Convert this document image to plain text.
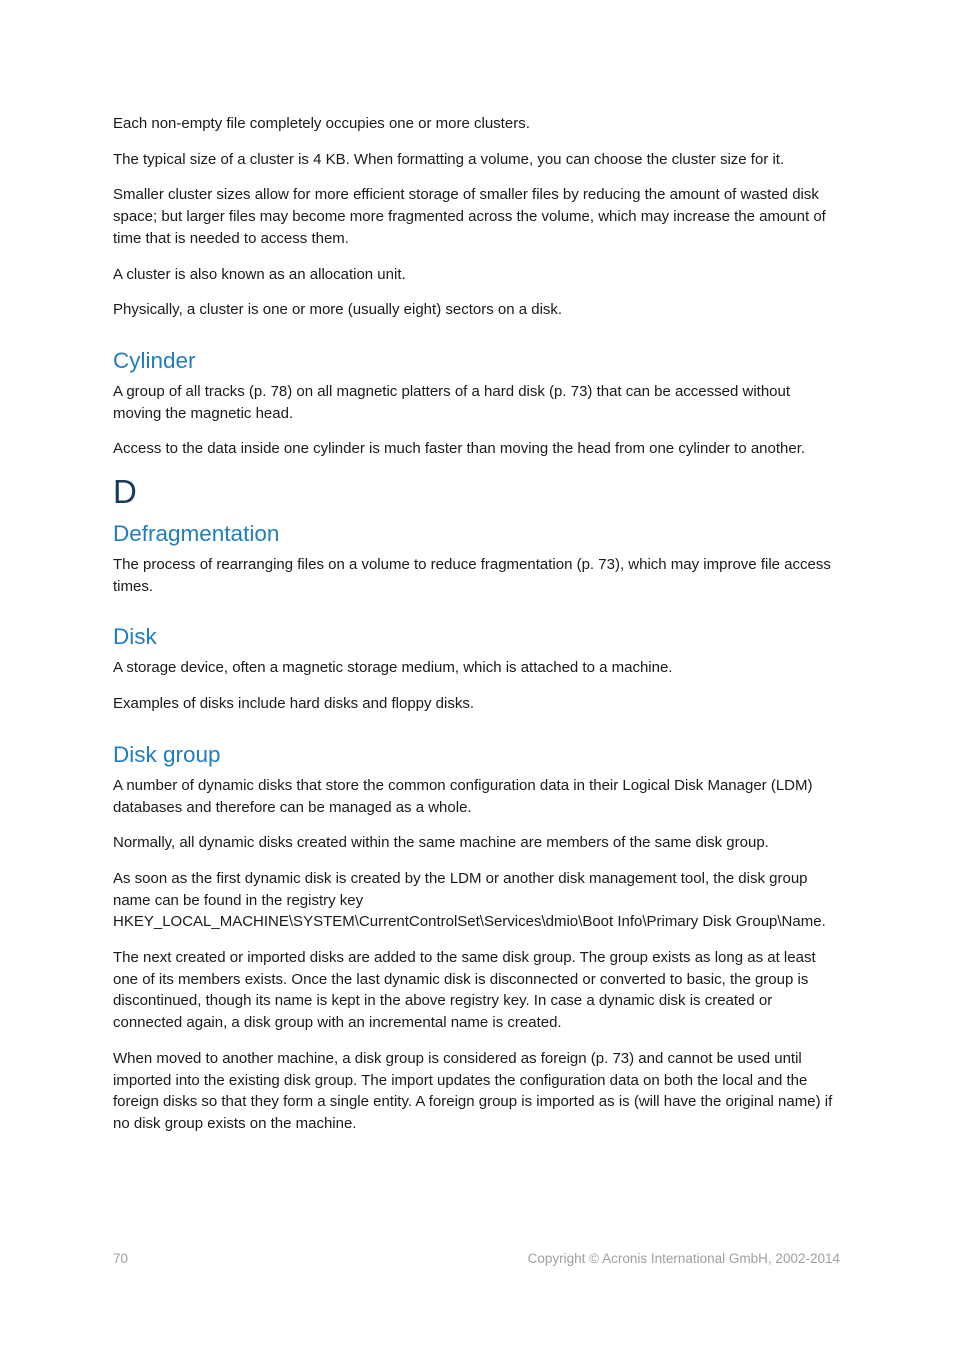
Each non-empty file completely occupies one or more clusters.

The typical size of a cluster is 4 KB. When formatting a volume, you can choose the cluster size for it.

Smaller cluster sizes allow for more efficient storage of smaller files by reducing the amount of wasted disk space; but larger files may become more fragmented across the volume, which may increase the amount of time that is needed to access them.

A cluster is also known as an allocation unit.

Physically, a cluster is one or more (usually eight) sectors on a disk.

Cylinder

A group of all tracks (p. 78) on all magnetic platters of a hard disk (p. 73) that can be accessed without moving the magnetic head.

Access to the data inside one cylinder is much faster than moving the head from one cylinder to another.

D
Defragmentation

The process of rearranging files on a volume to reduce fragmentation (p. 73), which may improve file access times.

Disk

A storage device, often a magnetic storage medium, which is attached to a machine.

Examples of disks include hard disks and floppy disks.

Disk group

A number of dynamic disks that store the common configuration data in their Logical Disk Manager (LDM) databases and therefore can be managed as a whole.

Normally, all dynamic disks created within the same machine are members of the same disk group.

As soon as the first dynamic disk is created by the LDM or another disk management tool, the disk group name can be found in the registry key HKEY_LOCAL_MACHINE\SYSTEM\CurrentControlSet\Services\dmio\Boot Info\Primary Disk Group\Name.

The next created or imported disks are added to the same disk group. The group exists as long as at least one of its members exists. Once the last dynamic disk is disconnected or converted to basic, the group is discontinued, though its name is kept in the above registry key. In case a dynamic disk is created or connected again, a disk group with an incremental name is created.

When moved to another machine, a disk group is considered as foreign (p. 73) and cannot be used until imported into the existing disk group. The import updates the configuration data on both the local and the foreign disks so that they form a single entity. A foreign group is imported as is (will have the original name) if no disk group exists on the machine.

70	Copyright © Acronis International GmbH, 2002-2014
